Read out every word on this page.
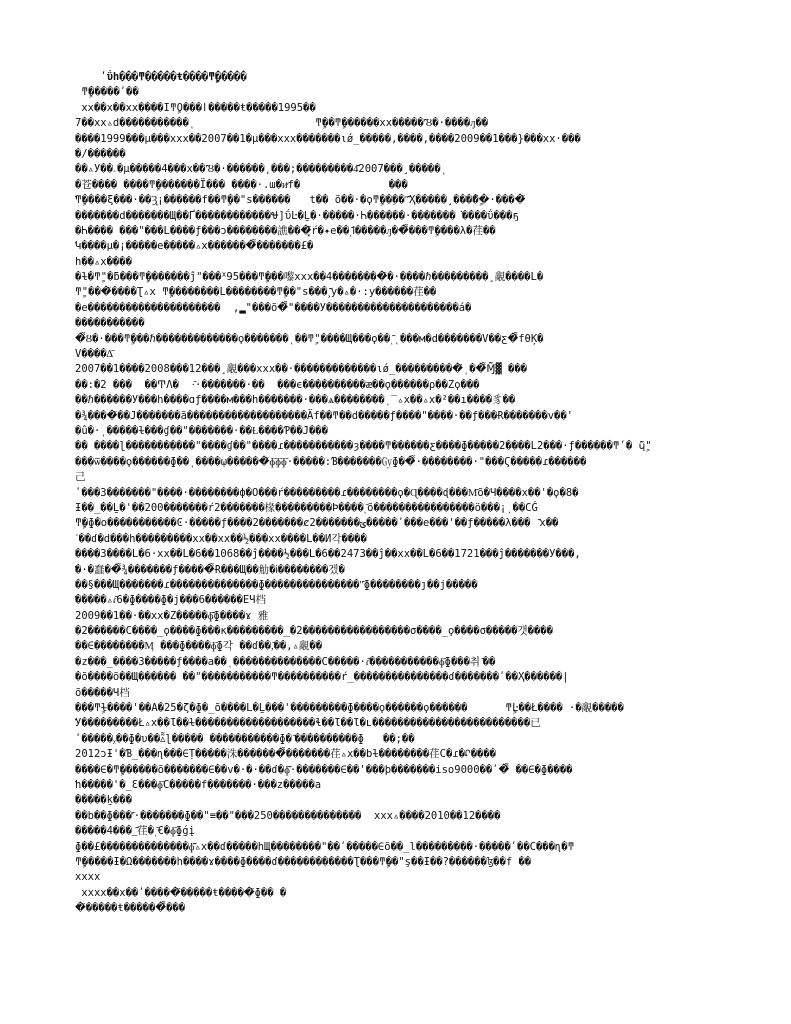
ʹΰh���ͳ�����ŧ����ͳٍ�����
ͳٍ�����ʹ��
xx��x��xx����ӀͳٍΟ���ӏ�����ŧ�����1995��
7��xx▵d�����������ͺ                   ͳٍ��ͳٍ������xx�����ʹ͂͂Ȣ�·����ԓ��
����1999���μ���xxx��2007��1�μ���xxx�������ιǿ_�����,����,����2009��1���}���xx·���
͂͂�/������
��▵У��ۦ�μ�����4���x��ʹ͂͂Ȣ�·������͵���;���������4͂͂͂͂2007���¸�����ͺ
�苍���� ����ͳٍ�������Ї��� ����·.ɯ�иͮf�              ���
͂͂͂͂͂͂ͳٍ����ξ���·��Ȝ͈¡������f��ͳٍ��"s������   t�� õ��·�ϙͳٍ��ٜ��"͂͂͂͂͂Ҳ�����¸�����ٍ͂·����͂
�������d�������Щ��Ґ������������Ꮰ]ΰĿ�Ḻ�·�����·Ꮒ������·�������͘����ΰ���ҕ
�Ꮒ���� ���"���L����ƒ���ͻ��������譙���͓͂͂͂ŕ�✦e��ͺ͂͂͂Ꭵ�����ԓ��͂͂���ͳٍ����λ�荏��
͂͂Կ����μ�¡�����e�����▵x�������͂͂�������£�
h��▵x����
�ɫ�ͳٍ"�ƃ���ͳٍ�������ĵ"���ᕽ95���ͳٍ���嚟xxx��4��������͂�·����ℏ���������¸覶����L�
ͳٍ"���͂����Ʈ▵x ͳٍ��������L��������ͳٍ��"s���¸͂͂͂͂͂͂y�▵�·:y������荏��
�e���������������������  ,▂"���õ�͂͂"����У���������������������á�
�����������
�͂͂͂Ȣ�·���ͳٍ���ℏ�������������ϙ�������ͺ��ͳٍ"����Щ���ϙ��ͺ͂͂ͺ���м�d�������V��ƹ�͂͂͂͂͂͂fθĶ�
V����∆͂
2007��1����2008���12���¸覶���xxx��·�������������ιǿ_����������͂ͺ��͂͂͂Ɱ͂͂͂▓ ���
��:�2 ���  ��ͲΛ�  ·͂·�������·��  ���ϵ����������ӕ��ϙ������ρ��Zϙ���
��ℏ������У���h����ɑƒ����м���h�������·���ѧ��������ͺ‾▵x��▵x�²��ı����豸��
�¾����͂��J�������ã�������������������Ӓf��ͳ��d�����ƒ����"����·��ƒ���Ɍ�������v��'
�û�·ͺ�����ɫ���ɠ��"�������·��Ɫ����Ƥ��J���
�� ����ɭ�����������"����ɠ��"����ɾ�����������ȝ����ͳ������ƹ����ɸ�����2����L2���·ƒ������ͳʹ� ɥٍ͂͂͂"
���ѿ����ϙ������ɸ��ͺ����ῳ������͂ɸ͂ɸ͂ɸ͂·�����:Ɓ�������㏉ɸ��͂͂͂·��������·"���Ϛ�����ɾ������
己
ʹ���3�������"����·��������ф�Ο���ŕ���������ɾ��������ϙ�Ɋ����ɖ���M͂õ�Ч����x��'�ϙ�8�
Ɨ��_��Ḻ�'��200�������ŕ2�������椽���������Ϸ����ͺ͂õ����������������ӧ���¡ͺ��CĠ
ͳٍ�ɸ�o�����������Ͼ·�����ƒ����2�������ȼ2�������ؾ�����ʹ���e���'��ƒ�����λ���  ͂͂͂x��
ˊ��ɗ�d���h���������xx��xx��½���xx����L��И각����
����3����L�6·xx��L�6��1068��ĵ����½���L�6��2473��ĵ��xx��L�6��1721���ĵ�������У���,
͂͂͂͂͂͂͂͂͂͂͂͂͂͂͂͂�·�蠢��͂͂͂͂͂¾�������ƒ�����͂͂͂͂Ɍ���Щ��觔�Ꭵ��������겠�
��§���Щ�������ɾ��������������ɸ���������������"͂ɸ��������ȷ��j�����
͂͂�����▵ɾ͂͂6�ɸ����ɸ�j���6������ЕЧ档
2009��1��·��xx�Z�����ɸ͂͂͂͂ɸ����ɤ 雅
�2������Ϲ����_ϙ����ɸ���κ���������_�2�����������������σ����_ϙ����σ�����갯����
��∈��������Ӎ ���ɸ����ɸ͂ɸ각 ��ɗ��,͂��,▵覶��
�z���_����3�����ƒ����а��ͺ��������������Ϲ�����·ɾ͂͂�����������ɸ͂ɸ���취 ͂��
�õ����õ��Щ������ ��"�����������ͳ����������ŕ_���������������ɗ�������ʹ��Ҳ������|
õ�����Ч档
���ͳٍɫ����'��А�25�ζ�ɸ�_õ����L�Ḻ���'���������ɸ����ϙ������ϙ������      ͳٍĿ��Ł���� ·�覶�����
͂͂͂͂͂У���������Ł▵x��Ɩ��ɫ�������������������ɬ��Ɩ��Ɩ�ʟ�������������������������已
ʹ�����ᵪ��ɸ�υ��▵͂͂͂͂͂͂͂ɭ����� �����������ɸ� ͂����������ɸ   ��;��
2012ɔƗ'�Ɓ_���ɳ���∈Ṭ�����洙�������͂͂͂͂͂�������荏▵x��bɫ��������荏C�ɾ�ᡘ����
����∈�ͳٍ������õ�������∈��v�·�·��ɗ�ɸ͂͂͂͂͂·�������∈��'���þ�������iso9000��ʹ�͂͂͂͂͂͂ ��∈�ɸ����
͂͂͂h�����'�_Ɛ���ɸ͂C�����f�������·���z�����а
�����ḵ���
��b��ɸ���'͂·�������ɸ��"≡��"���250��������������  xxx▵����2010��12����
�����4���_͂͂͂荏�ͺ͂€�ɸ͂ɸǵį
ɸ��£��������������ɸ͂͂͂͂͂▵x��ɗ�����hЩ��������"��ʹ�����∈õ��_l���������·�����ʹ��Ϲ���ɳ�ͳ
ͳٍ�����Ɨ�Ω�������h����ɤ����ɸ����ɗ������������Ʈ���ͳٍ��"ş��Ɨ��?������ɮ��f ��
xxxx
xxxx��x��ʹ�����͂�����ŧ�����͂ɸ�� �
�͂�����ŧ������͂͂͂���
